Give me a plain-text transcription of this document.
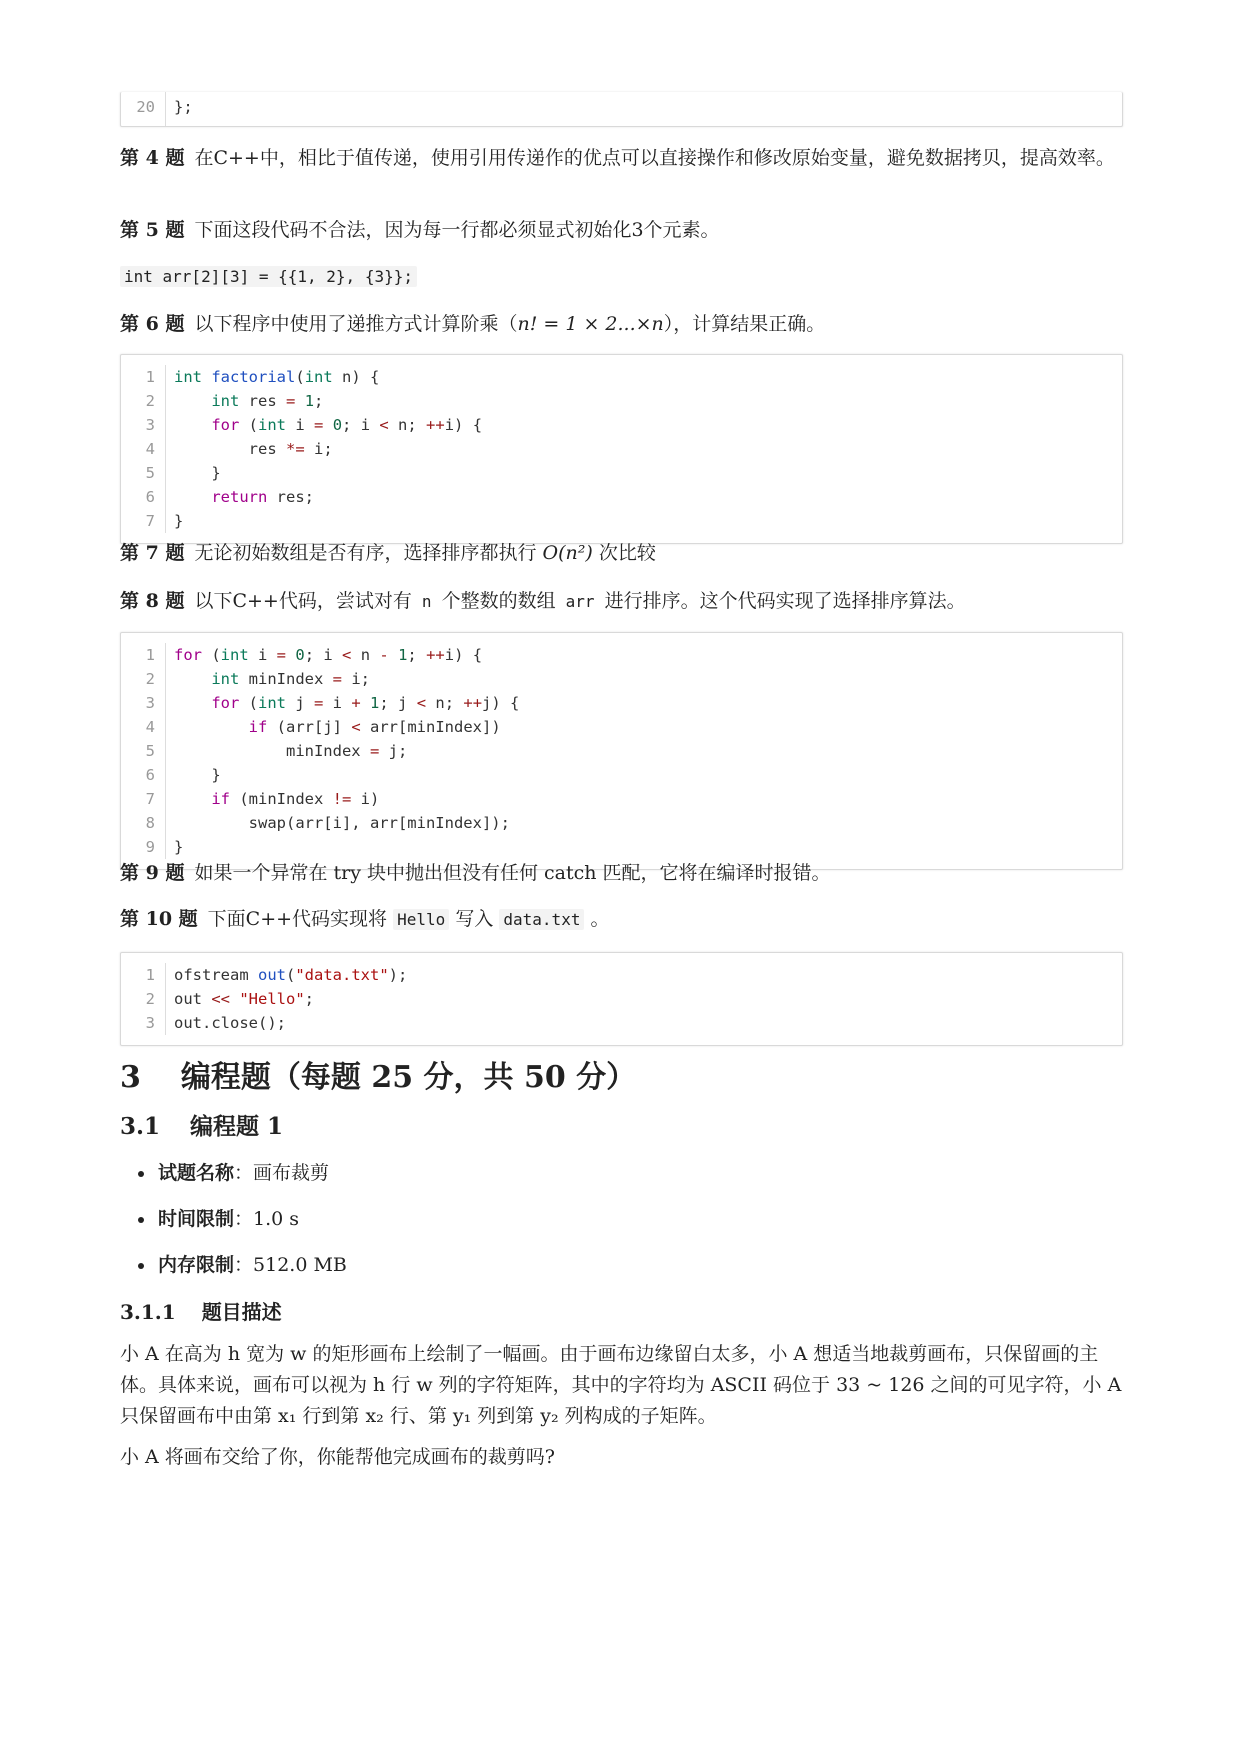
20	};
第 4 题 在C++中，相比于值传递，使用引用传递作的优点可以直接操作和修改原始变量，避免数据拷贝，提高效率。
第 5 题 下面这段代码不合法，因为每一行都必须显式初始化3个元素。
int arr[2][3] = {{1, 2}, {3}};
第 6 题 以下程序中使用了递推方式计算阶乘（n! = 1 × 2...×n），计算结果正确。
1	int factorial(int n) {
2	int res = 1;
3	for (int i = 0; i < n; ++i) {
4	res *= i;
5	}
6	return res;
7	}
第 7 题 无论初始数组是否有序，选择排序都执行 O(n²) 次比较
第 8 题 以下C++代码，尝试对有 n 个整数的数组 arr 进行排序。这个代码实现了选择排序算法。
1	for (int i = 0; i < n - 1; ++i) {
2	int minIndex = i;
3	for (int j = i + 1; j < n; ++j) {
4	if (arr[j] < arr[minIndex])
5	minIndex = j;
6	}
7	if (minIndex != i)
8	swap(arr[i], arr[minIndex]);
9	}
第 9 题 如果一个异常在 try 块中抛出但没有任何 catch 匹配，它将在编译时报错。
第 10 题 下面C++代码实现将 Hello 写入 data.txt 。
1	ofstream out("data.txt");
2	out << "Hello";
3	out.close();
3 编程题（每题 25 分，共 50 分）
3.1 编程题 1
试题名称：画布裁剪
时间限制：1.0 s
内存限制：512.0 MB
3.1.1 题目描述
小 A 在高为 h 宽为 w 的矩形画布上绘制了一幅画。由于画布边缘留白太多，小 A 想适当地裁剪画布，只保留画的主体。具体来说，画布可以视为 h 行 w 列的字符矩阵，其中的字符均为 ASCII 码位于 33 ~ 126 之间的可见字符，小 A 只保留画布中由第 x₁ 行到第 x₂ 行、第 y₁ 列到第 y₂ 列构成的子矩阵。
小 A 将画布交给了你，你能帮他完成画布的裁剪吗?
